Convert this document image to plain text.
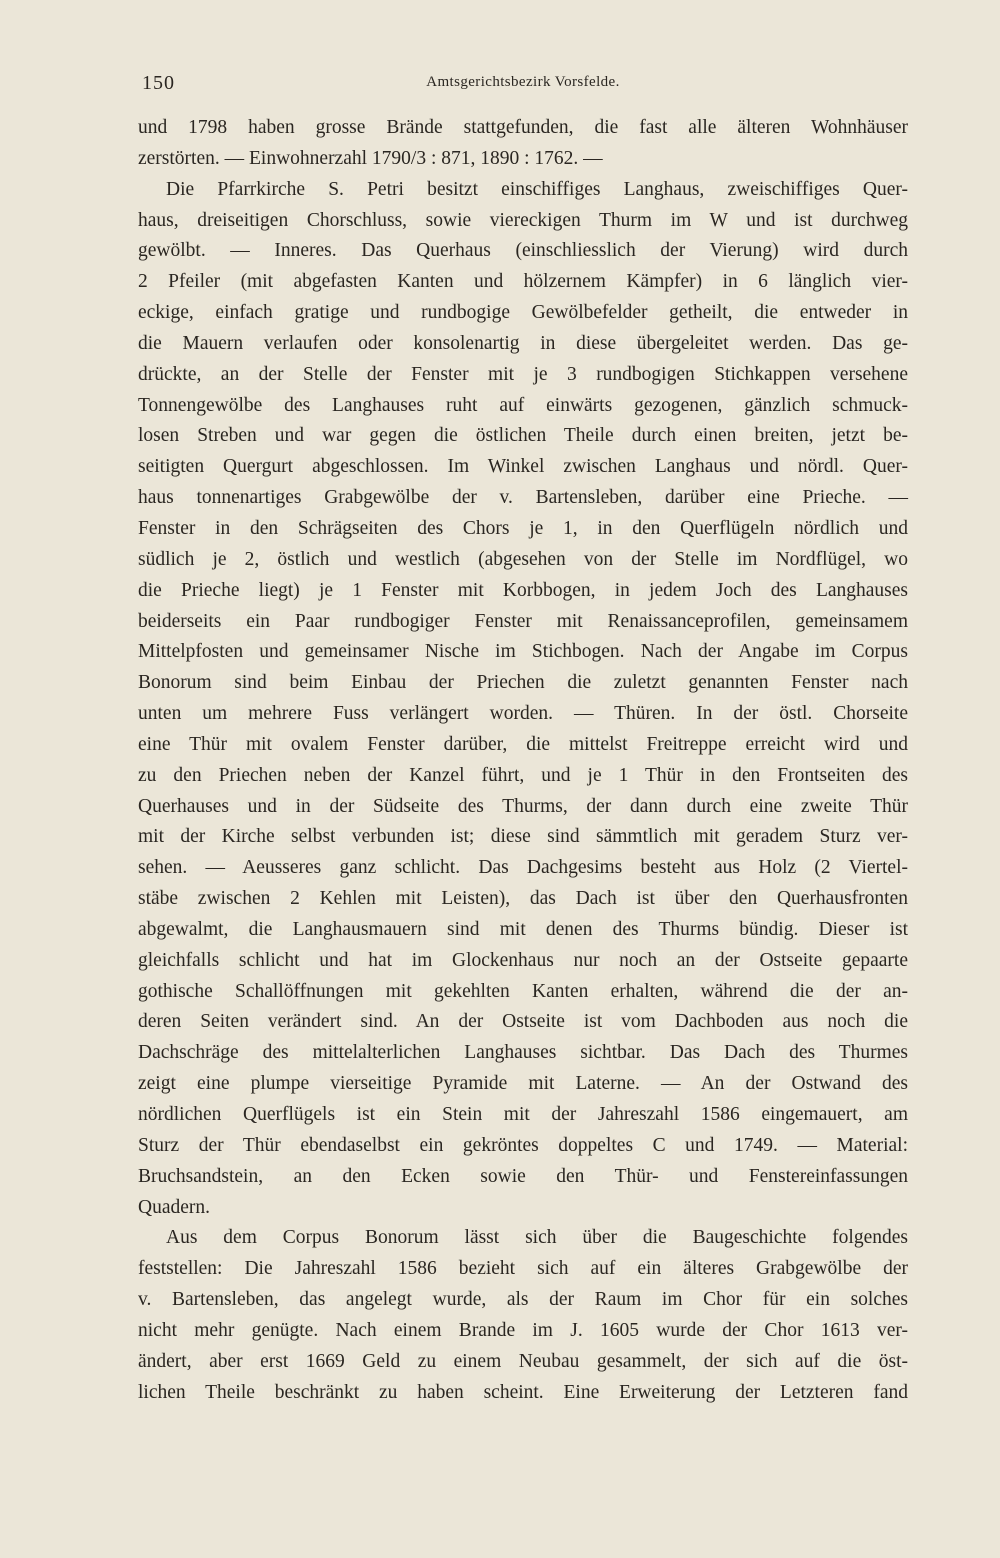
150	Amtsgerichtsbezirk Vorsfelde.
und 1798 haben grosse Brände stattgefunden, die fast alle älteren Wohnhäuser
zerstörten. — Einwohnerzahl 1790/3 : 871, 1890 : 1762. —
Die Pfarrkirche S. Petri besitzt einschiffiges Langhaus, zweischiffiges Quer-
haus, dreiseitigen Chorschluss, sowie viereckigen Thurm im W und ist durchweg
gewölbt. — Inneres. Das Querhaus (einschliesslich der Vierung) wird durch
2 Pfeiler (mit abgefasten Kanten und hölzernem Kämpfer) in 6 länglich vier-
eckige, einfach gratige und rundbogige Gewölbefelder getheilt, die entweder in
die Mauern verlaufen oder konsolenartig in diese übergeleitet werden. Das ge-
drückte, an der Stelle der Fenster mit je 3 rundbogigen Stichkappen versehene
Tonnengewölbe des Langhauses ruht auf einwärts gezogenen, gänzlich schmuck-
losen Streben und war gegen die östlichen Theile durch einen breiten, jetzt be-
seitigten Quergurt abgeschlossen. Im Winkel zwischen Langhaus und nördl. Quer-
haus tonnenartiges Grabgewölbe der v. Bartensleben, darüber eine Prieche. —
Fenster in den Schrägseiten des Chors je 1, in den Querflügeln nördlich und
südlich je 2, östlich und westlich (abgesehen von der Stelle im Nordflügel, wo
die Prieche liegt) je 1 Fenster mit Korbbogen, in jedem Joch des Langhauses
beiderseits ein Paar rundbogiger Fenster mit Renaissanceprofilen, gemeinsamem
Mittelpfosten und gemeinsamer Nische im Stichbogen. Nach der Angabe im Corpus
Bonorum sind beim Einbau der Priechen die zuletzt genannten Fenster nach
unten um mehrere Fuss verlängert worden. — Thüren. In der östl. Chorseite
eine Thür mit ovalem Fenster darüber, die mittelst Freitreppe erreicht wird und
zu den Priechen neben der Kanzel führt, und je 1 Thür in den Frontseiten des
Querhauses und in der Südseite des Thurms, der dann durch eine zweite Thür
mit der Kirche selbst verbunden ist; diese sind sämmtlich mit geradem Sturz ver-
sehen. — Aeusseres ganz schlicht. Das Dachgesims besteht aus Holz (2 Viertel-
stäbe zwischen 2 Kehlen mit Leisten), das Dach ist über den Querhausfronten
abgewalmt, die Langhausmauern sind mit denen des Thurms bündig. Dieser ist
gleichfalls schlicht und hat im Glockenhaus nur noch an der Ostseite gepaarte
gothische Schallöffnungen mit gekehlten Kanten erhalten, während die der an-
deren Seiten verändert sind. An der Ostseite ist vom Dachboden aus noch die
Dachschräge des mittelalterlichen Langhauses sichtbar. Das Dach des Thurmes
zeigt eine plumpe vierseitige Pyramide mit Laterne. — An der Ostwand des
nördlichen Querflügels ist ein Stein mit der Jahreszahl 1586 eingemauert, am
Sturz der Thür ebendaselbst ein gekröntes doppeltes C und 1749. — Material:
Bruchsandstein, an den Ecken sowie den Thür- und Fenstereinfassungen
Quadern.
Aus dem Corpus Bonorum lässt sich über die Baugeschichte folgendes
feststellen: Die Jahreszahl 1586 bezieht sich auf ein älteres Grabgewölbe der
v. Bartensleben, das angelegt wurde, als der Raum im Chor für ein solches
nicht mehr genügte. Nach einem Brande im J. 1605 wurde der Chor 1613 ver-
ändert, aber erst 1669 Geld zu einem Neubau gesammelt, der sich auf die öst-
lichen Theile beschränkt zu haben scheint. Eine Erweiterung der Letzteren fand
